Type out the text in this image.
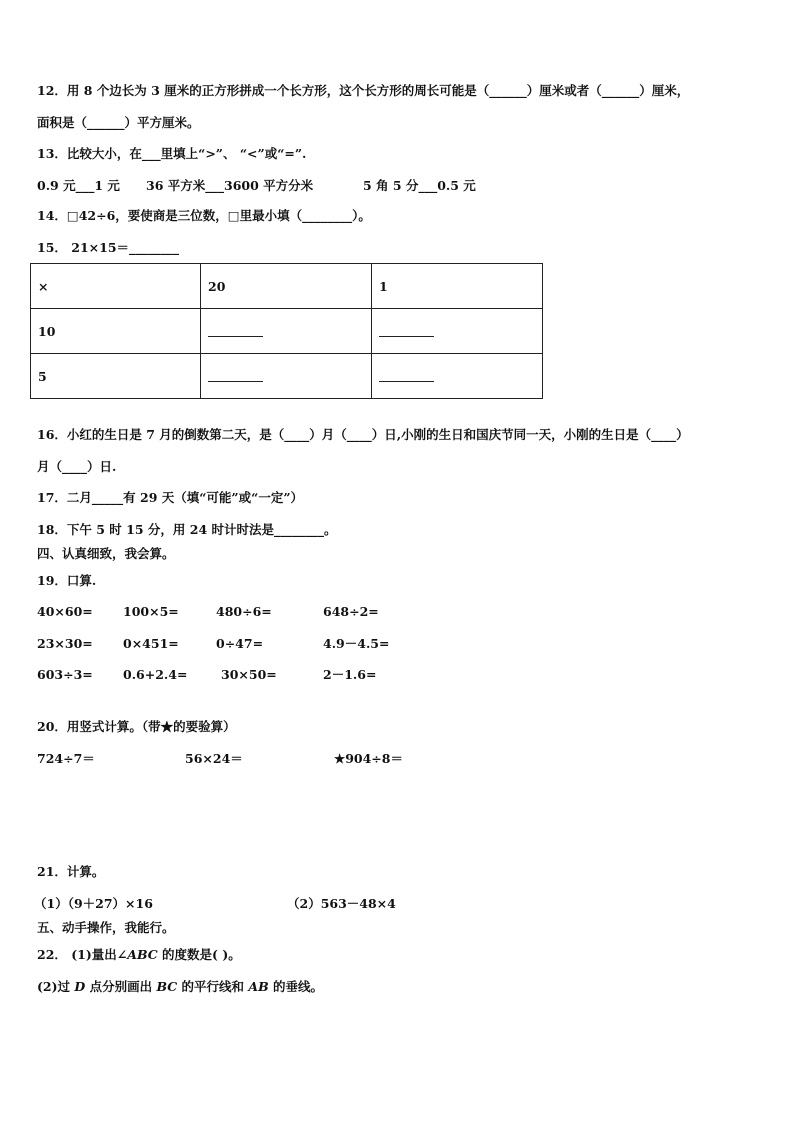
12．用 8 个边长为 3 厘米的正方形拼成一个长方形，这个长方形的周长可能是（______）厘米或者（______）厘米，
面积是（______）平方厘米。
13．比较大小，在___里填上“>”、 “<”或“=”.
0.9 元___1 元 36 平方米___3600 平方分米	5 角 5 分___0.5 元
14．□42÷6，要使商是三位数，□里最小填（________）。
15． 21×15＝________
×	20	1
10		
5		
16．小红的生日是 7 月的倒数第二天，是（____）月（____）日,小刚的生日和国庆节同一天，小刚的生日是（____）
月（____）日.
17．二月_____有 29 天（填“可能”或“一定”）
18．下午 5 时 15 分，用 24 时计时法是________。
四、认真细致，我会算。
19．口算.
40×60= 100×5=	480÷6=	648÷2=
23×30= 0×451=	0÷47=	4.9－4.5=
603÷3= 0.6+2.4=	30×50=	2－1.6=
20．用竖式计算。（带★的要验算）
724÷7＝	56×24＝	★904÷8＝
21．计算。
（1）（9＋27）×16	（2）563－48×4
五、动手操作，我能行。
22． (1)量出∠ABC 的度数是( )。
(2)过 D 点分别画出 BC 的平行线和 AB 的垂线。
